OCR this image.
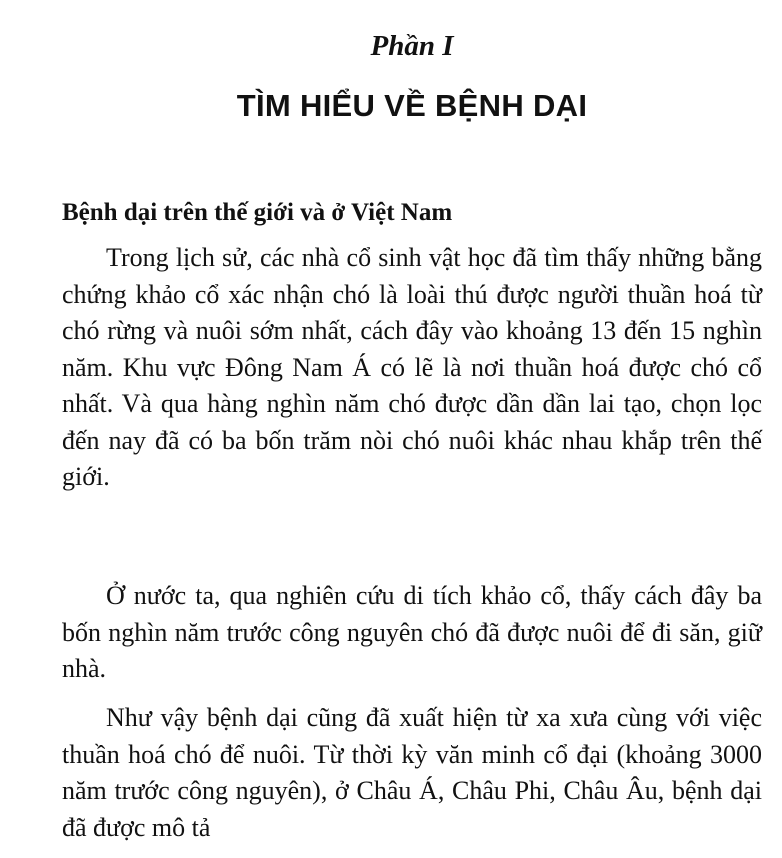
Phần I
TÌM HIỂU VỀ BỆNH DẠI
Bệnh dại trên thế giới và ở Việt Nam

Trong lịch sử, các nhà cổ sinh vật học đã tìm thấy những bằng chứng khảo cổ xác nhận chó là loài thú được người thuần hoá từ chó rừng và nuôi sớm nhất, cách đây vào khoảng 13 đến 15 nghìn năm. Khu vực Đông Nam Á có lẽ là nơi thuần hoá được chó cổ nhất. Và qua hàng nghìn năm chó được dần dần lai tạo, chọn lọc đến nay đã có ba bốn trăm nòi chó nuôi khác nhau khắp trên thế giới.

Ở nước ta, qua nghiên cứu di tích khảo cổ, thấy cách đây ba bốn nghìn năm trước công nguyên chó đã được nuôi để đi săn, giữ nhà.

Như vậy bệnh dại cũng đã xuất hiện từ xa xưa cùng với việc thuần hoá chó để nuôi. Từ thời kỳ văn minh cổ đại (khoảng 3000 năm trước công nguyên), ở Châu Á, Châu Phi, Châu Âu, bệnh dại đã được mô tả
